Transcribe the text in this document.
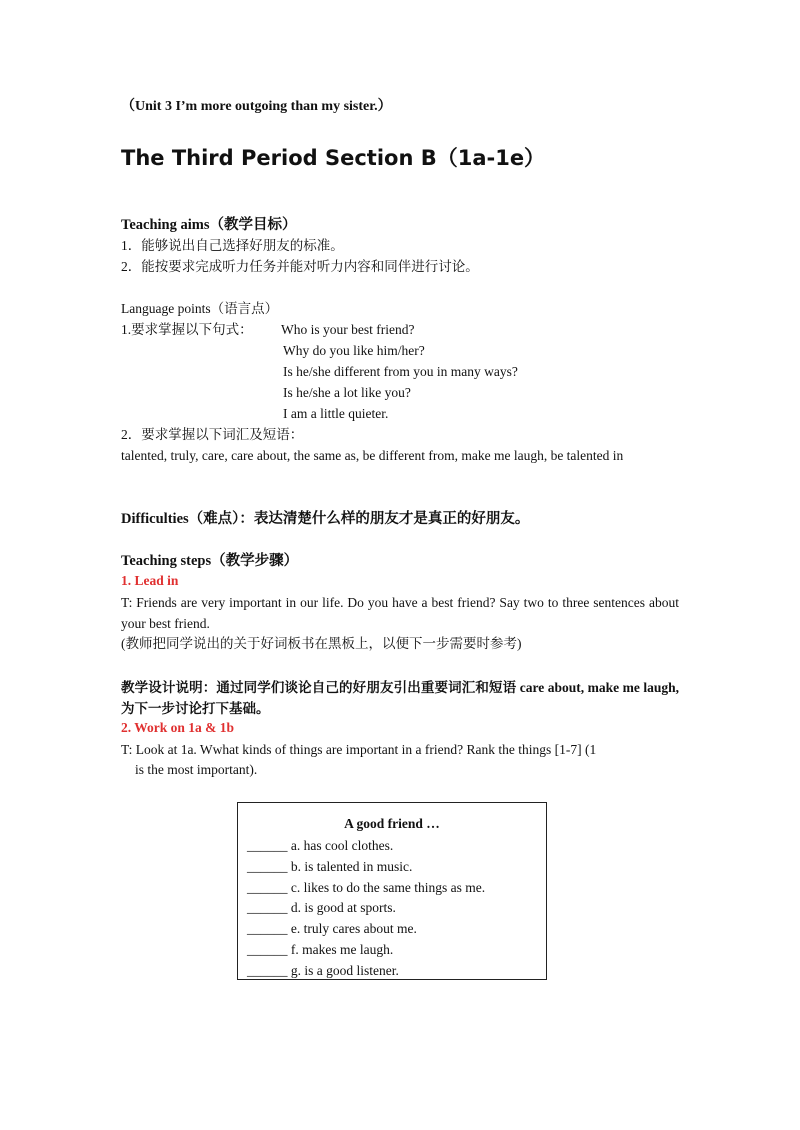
（Unit 3 I’m more outgoing than my sister.）
The Third Period Section B（1a-1e）
Teaching aims（教学目标）
1．能够说出自己选择好朋友的标准。
2．能按要求完成听力任务并能对听力内容和同伴进行讨论。
Language points（语言点）
1.要求掌握以下句式： Who is your best friend?
Why do you like him/her?
Is he/she different from you in many ways?
Is he/she a lot like you?
I am a little quieter.
2．要求掌握以下词汇及短语：
talented, truly, care, care about, the same as, be different from, make me laugh, be talented in
Difficulties（难点）：表达清楚什么样的朋友才是真正的好朋友。
Teaching steps（教学步骤）
1. Lead in
T: Friends are very important in our life. Do you have a best friend? Say two to three sentences about your best friend.
(教师把同学说出的关于好词板书在黑板上，以便下一步需要时参考)
教学设计说明：通过同学们谈论自己的好朋友引出重要词汇和短语 care about, make me laugh,为下一步讨论打下基础。
2. Work on 1a & 1b
T: Look at 1a. Wwhat kinds of things are important in a friend? Rank the things [1-7] (1
is the most important).
A good friend …
______ a. has cool clothes.
______ b. is talented in music.
______ c. likes to do the same things as me.
______ d. is good at sports.
______ e. truly cares about me.
______ f. makes me laugh.
______ g. is a good listener.
